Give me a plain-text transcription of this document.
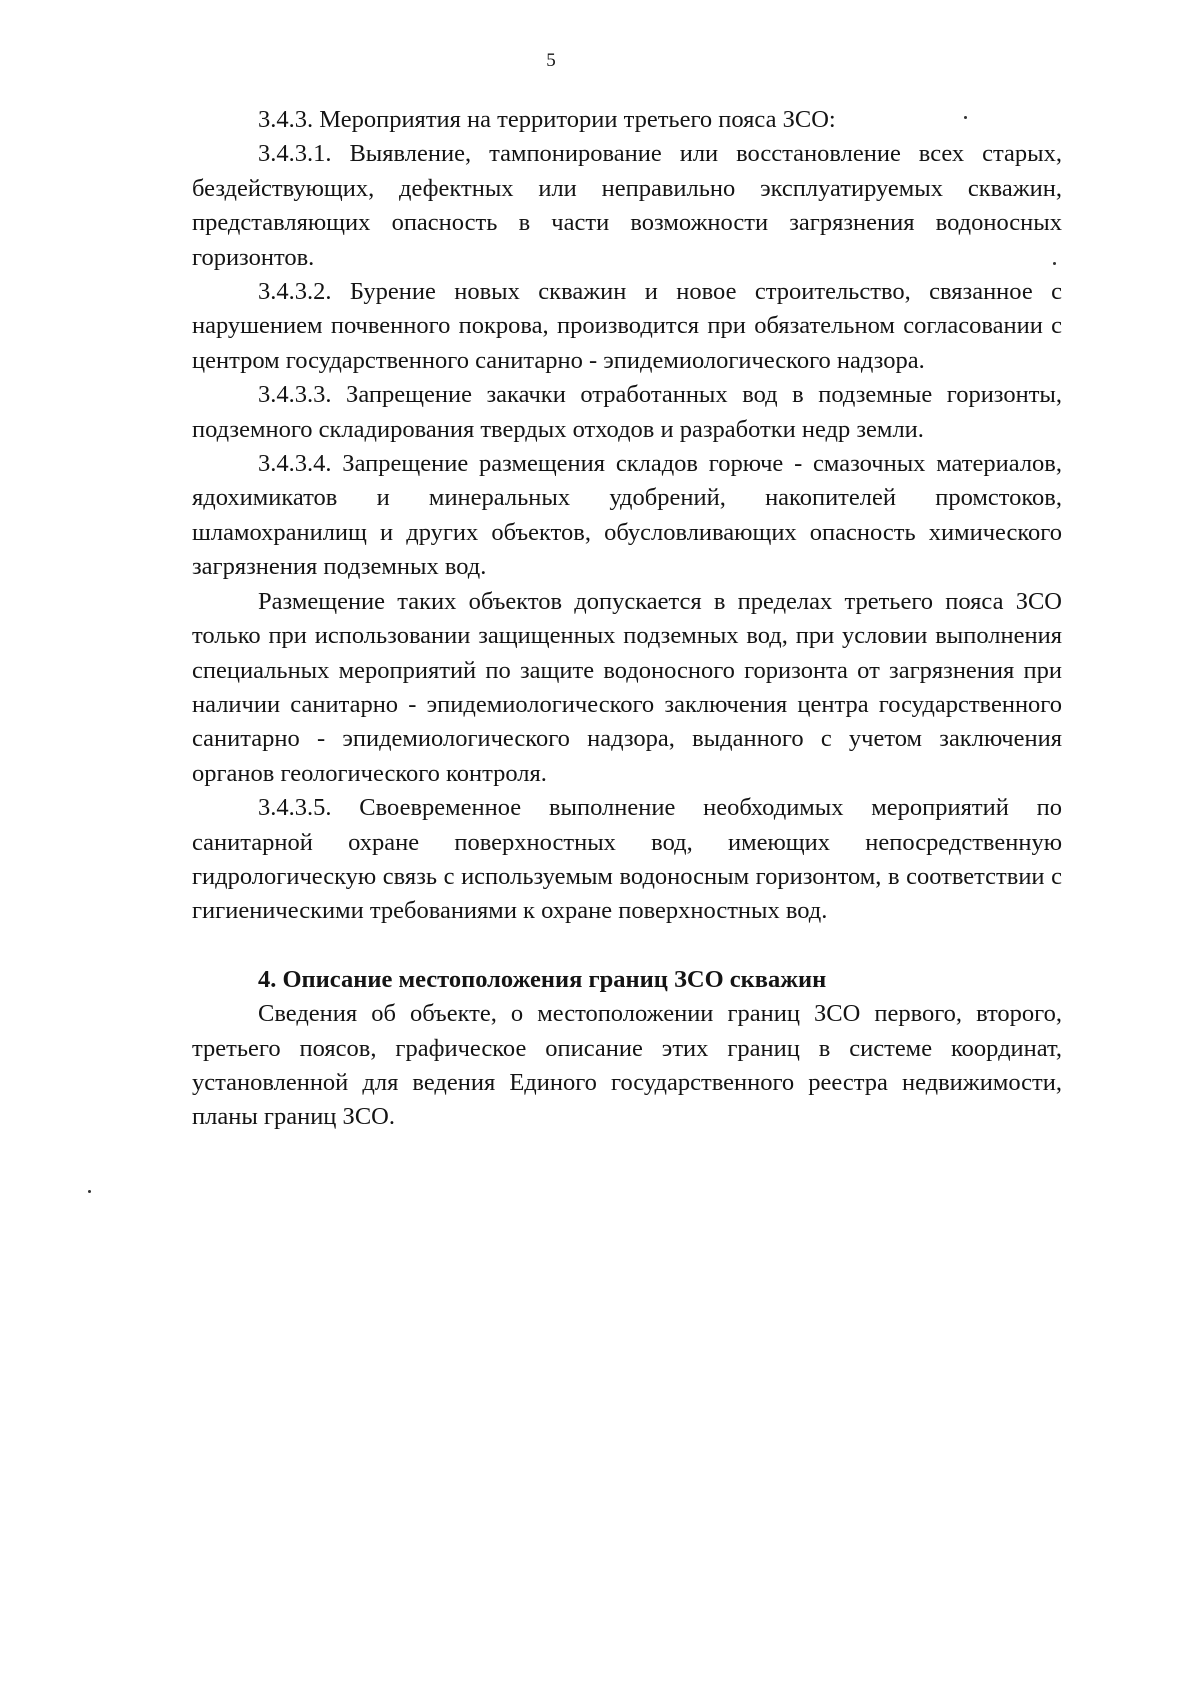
5

3.4.3. Мероприятия на территории третьего пояса ЗСО:

3.4.3.1. Выявление, тампонирование или восстановление всех старых, бездействующих, дефектных или неправильно эксплуатируемых скважин, представляющих опасность в части возможности загрязнения водоносных горизонтов.

3.4.3.2. Бурение новых скважин и новое строительство, связанное с нарушением почвенного покрова, производится при обязательном согласовании с центром государственного санитарно - эпидемиологического надзора.

3.4.3.3. Запрещение закачки отработанных вод в подземные горизонты, подземного складирования твердых отходов и разработки недр земли.

3.4.3.4. Запрещение размещения складов горюче - смазочных материалов, ядохимикатов и минеральных удобрений, накопителей промстоков, шламохранилищ и других объектов, обусловливающих опасность химического загрязнения подземных вод.

Размещение таких объектов допускается в пределах третьего пояса ЗСО только при использовании защищенных подземных вод, при условии выполнения специальных мероприятий по защите водоносного горизонта от загрязнения при наличии санитарно - эпидемиологического заключения центра государственного санитарно - эпидемиологического надзора, выданного с учетом заключения органов геологического контроля.

3.4.3.5. Своевременное выполнение необходимых мероприятий по санитарной охране поверхностных вод, имеющих непосредственную гидрологическую связь с используемым водоносным горизонтом, в соответствии с гигиеническими требованиями к охране поверхностных вод.

4. Описание местоположения границ ЗСО скважин

Сведения об объекте, о местоположении границ ЗСО первого, второго, третьего поясов, графическое описание этих границ в системе координат, установленной для ведения Единого государственного реестра недвижимости, планы границ ЗСО.
